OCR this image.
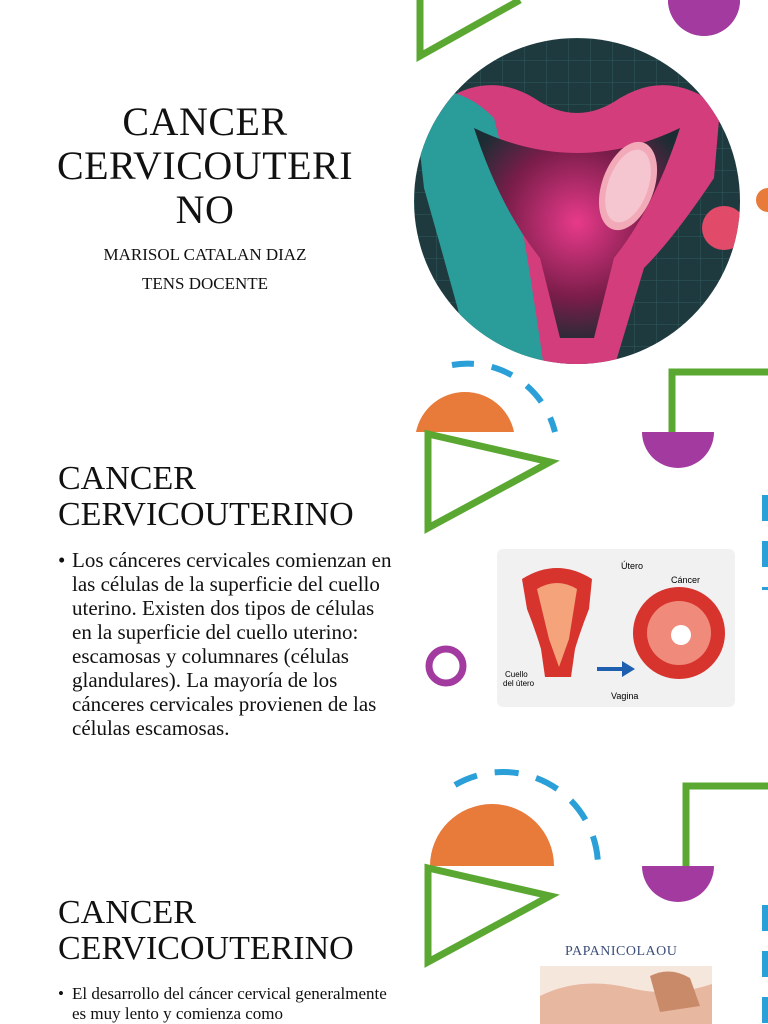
CANCER
CERVICOUTERI
NO
MARISOL CATALAN DIAZ
TENS DOCENTE
CANCER
CERVICOUTERINO
• Los cánceres cervicales comienzan en las células de la superficie del cuello uterino. Existen dos tipos de células en la superficie del cuello uterino: escamosas y columnares (células glandulares). La mayoría de los cánceres cervicales provienen de las células escamosas.
Útero
Cáncer
Cuello del útero
Vagina
CANCER
CERVICOUTERINO
• El desarrollo del cáncer cervical generalmente es muy lento y comienza como
PAPANICOLAOU
